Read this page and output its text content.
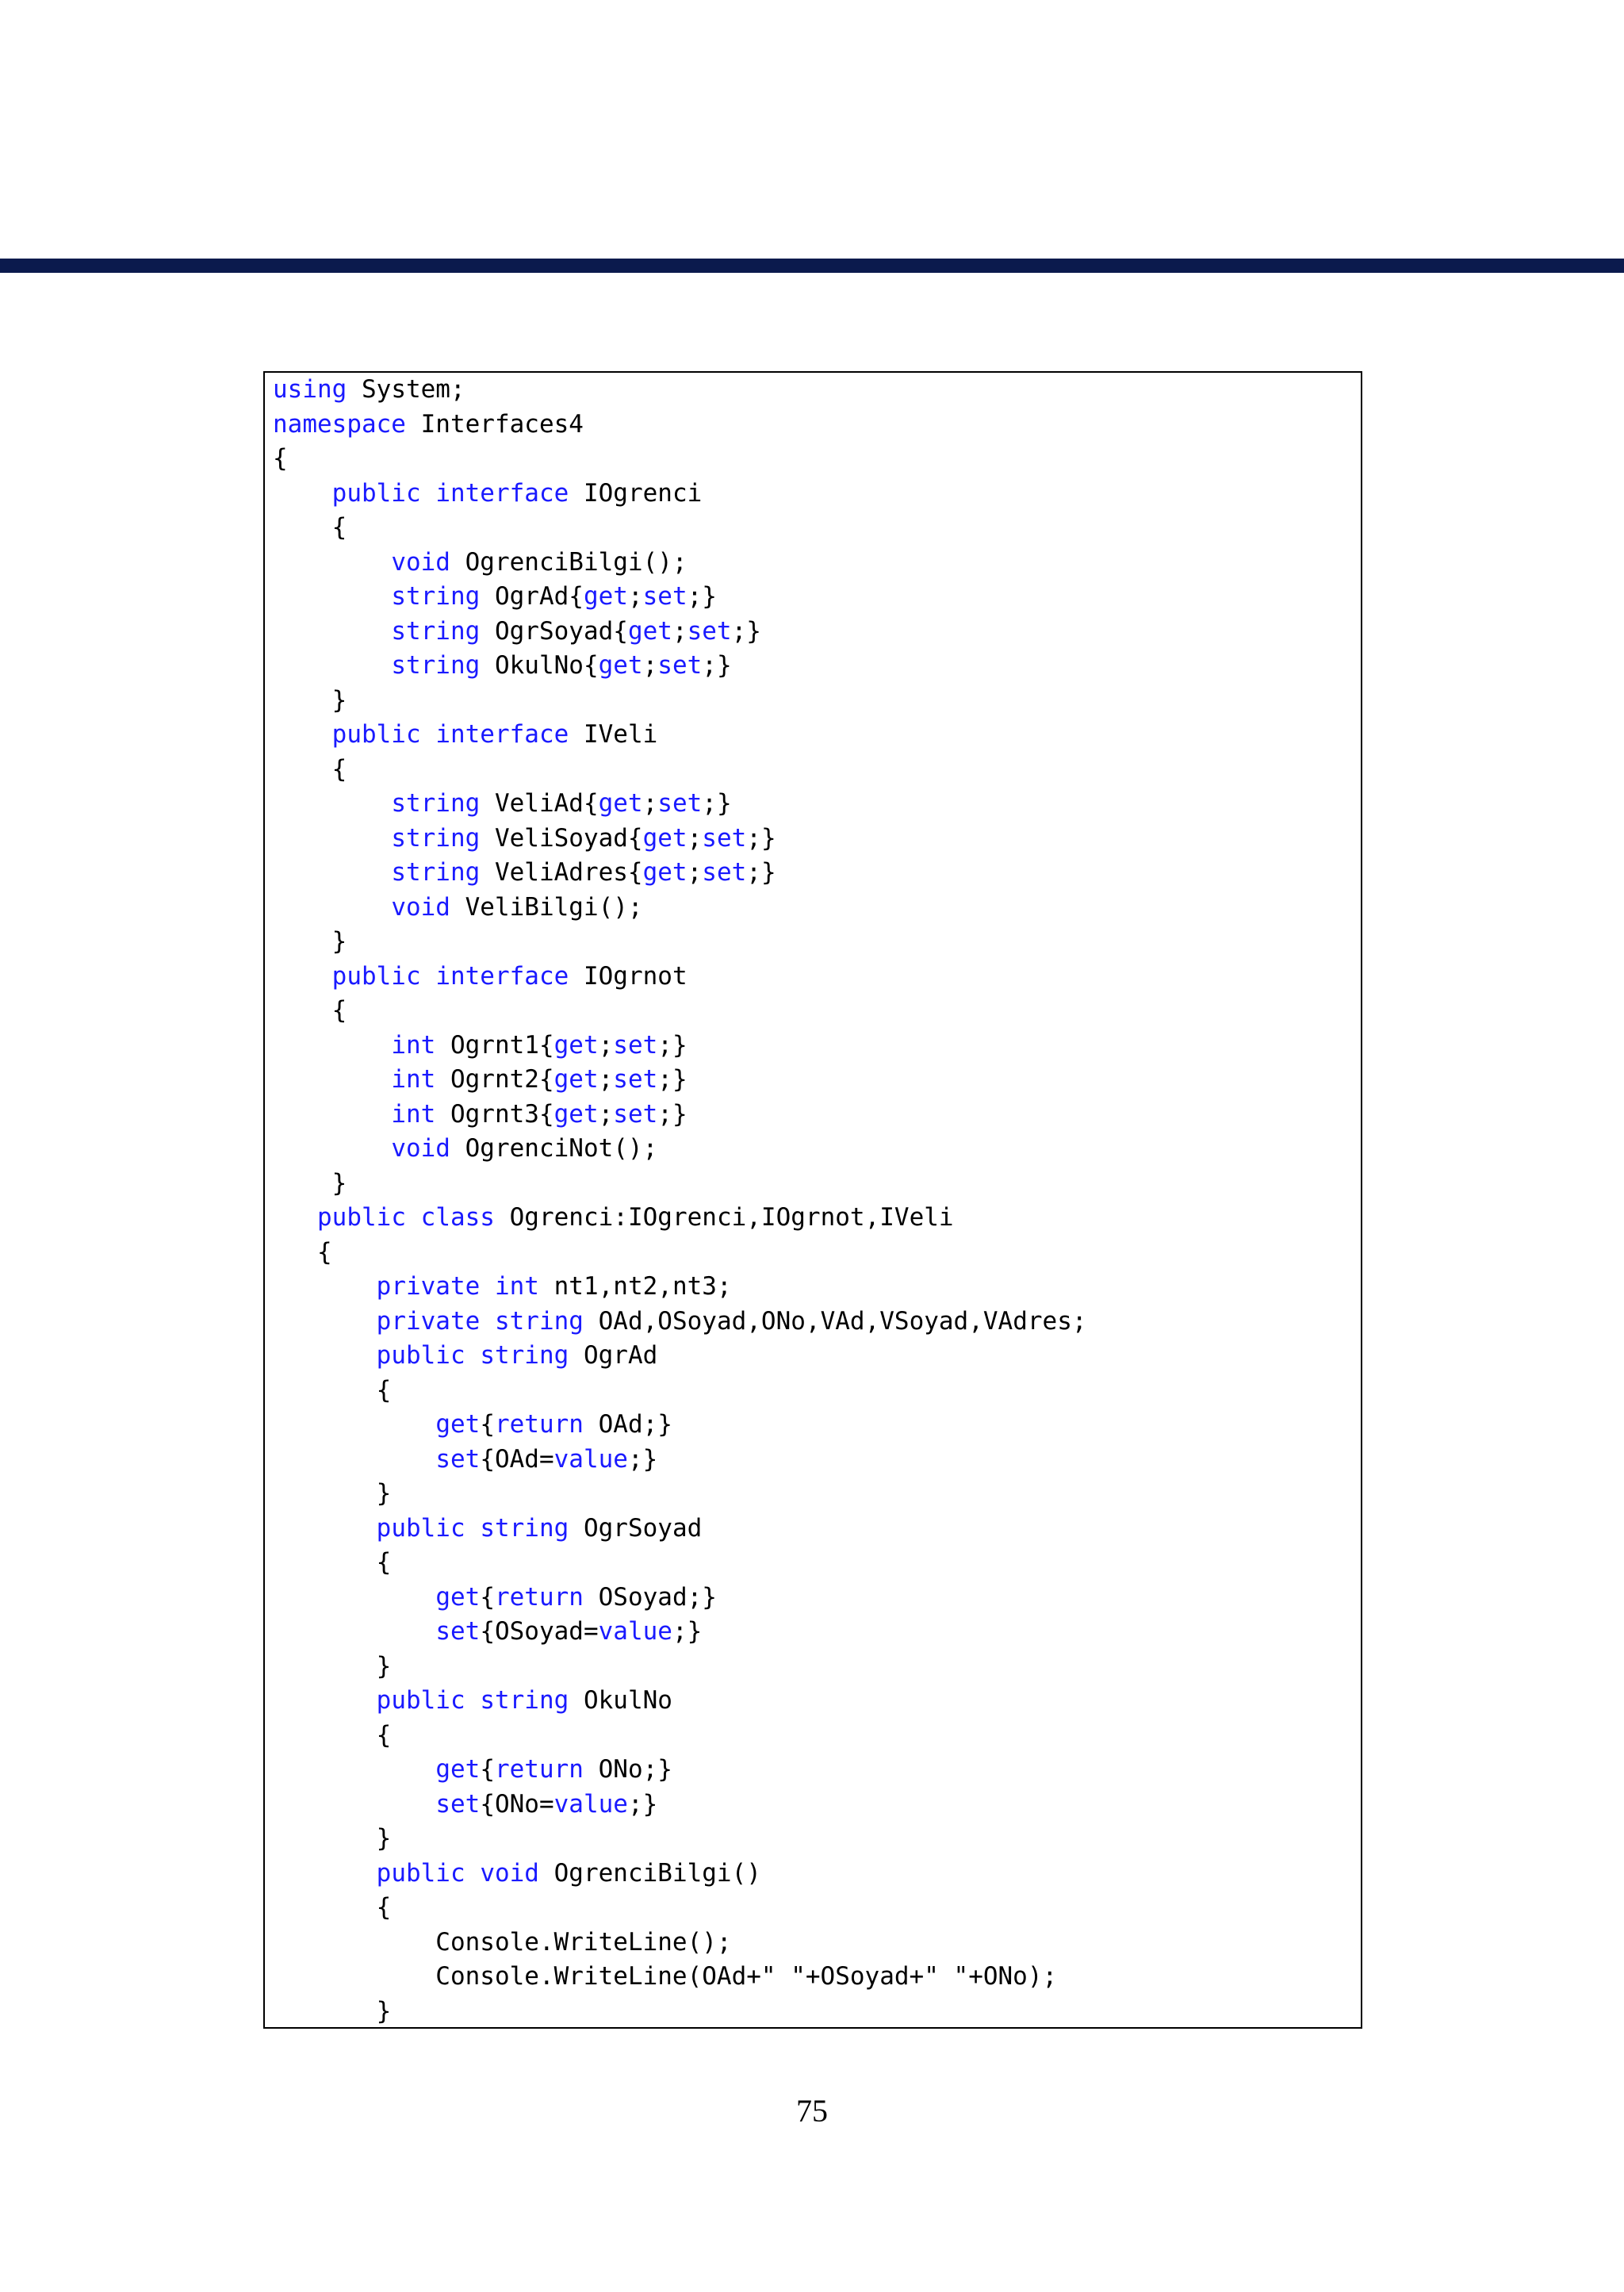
using System;
namespace Interfaces4
{
public interface IOgrenci
{
void OgrenciBilgi();
string OgrAd{get;set;}
string OgrSoyad{get;set;}
string OkulNo{get;set;}
}
public interface IVeli
{
string VeliAd{get;set;}
string VeliSoyad{get;set;}
string VeliAdres{get;set;}
void VeliBilgi();
}
public interface IOgrnot
{
int Ogrnt1{get;set;}
int Ogrnt2{get;set;}
int Ogrnt3{get;set;}
void OgrenciNot();
}
public class Ogrenci:IOgrenci,IOgrnot,IVeli
{
private int nt1,nt2,nt3;
private string OAd,OSoyad,ONo,VAd,VSoyad,VAdres;
public string OgrAd
{
get{return OAd;}
set{OAd=value;}
}
public string OgrSoyad
{
get{return OSoyad;}
set{OSoyad=value;}
}
public string OkulNo
{
get{return ONo;}
set{ONo=value;}
}
public void OgrenciBilgi()
{
Console.WriteLine();
Console.WriteLine(OAd+" "+OSoyad+" "+ONo);
}
75
